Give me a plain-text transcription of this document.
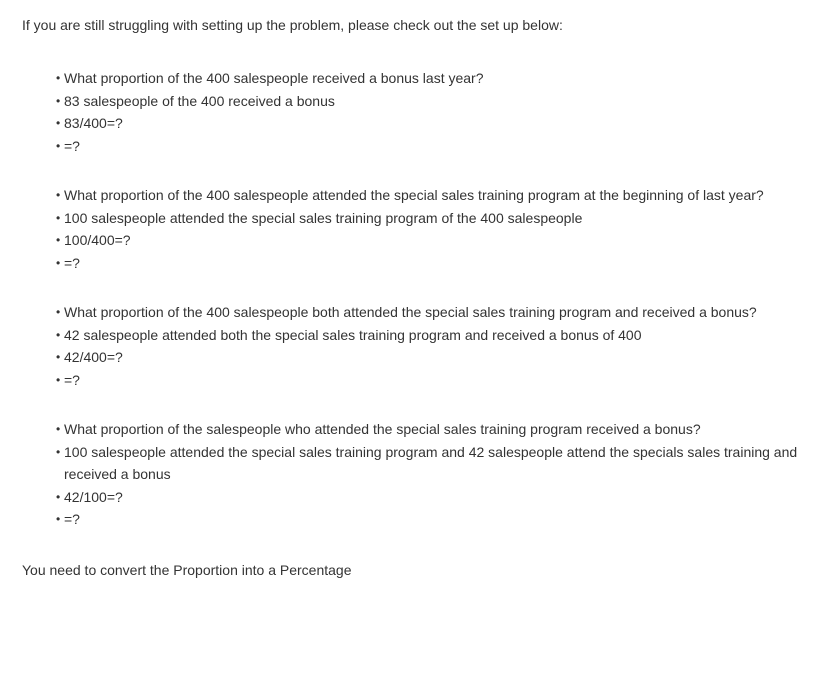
If you are still struggling with setting up the problem, please check out the set up below:

• What proportion of the 400 salespeople received a bonus last year?
• 83 salespeople of the 400 received a bonus
• 83/400=?
• =?
• What proportion of the 400 salespeople attended the special sales training program at the beginning of last year?
• 100 salespeople attended the special sales training program of the 400 salespeople
• 100/400=?
• =?
• What proportion of the 400 salespeople both attended the special sales training program and received a bonus?
• 42 salespeople attended both the special sales training program and received a bonus of 400
• 42/400=?
• =?
• What proportion of the salespeople who attended the special sales training program received a bonus?
• 100 salespeople attended the special sales training program and 42 salespeople attend the specials sales training and received a bonus
• 42/100=?
• =?

You need to convert the Proportion into a Percentage
